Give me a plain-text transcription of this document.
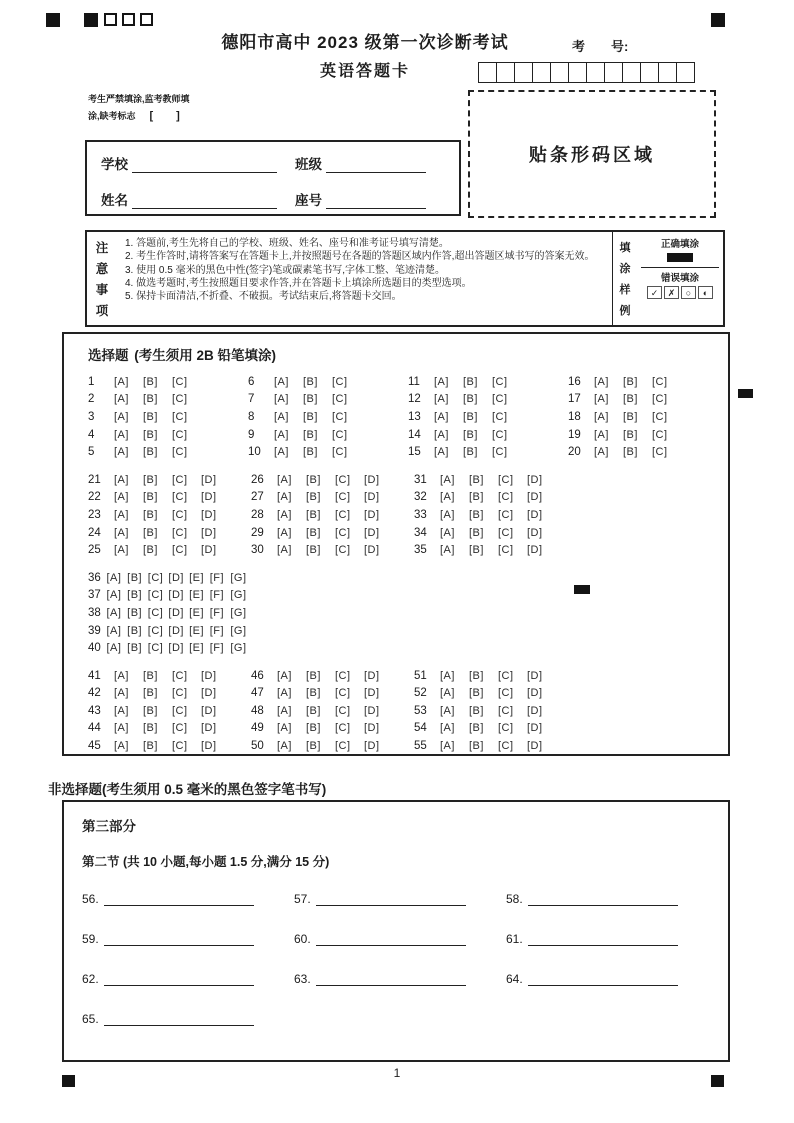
德阳市高中 2023 级第一次诊断考试
英语答题卡
考　　号:
考生严禁填涂,监考教师填
涂,缺考标志 [　]
学校	班级
姓名	座号
贴条形码区域
注
意
事
项
1. 答题前,考生先将自己的学校、班级、姓名、座号和准考证号填写清楚。
2. 考生作答时,请将答案写在答题卡上,并按照题号在各题的答题区域内作答,超出答题区域书写的答案无效。
3. 使用 0.5 毫米的黑色中性(签字)笔或碳素笔书写,字体工整、笔迹清楚。
4. 做选考题时,考生按照题目要求作答,并在答题卡上填涂所选题目的类型选项。
5. 保持卡面清洁,不折叠、不破损。考试结束后,将答题卡交回。
填
涂
样
例
正确填涂
错误填涂
✓	✗	○	◐
选择题 (考生须用 2B 铅笔填涂)
1	[A]	[B]	[C]
2	[A]	[B]	[C]
3	[A]	[B]	[C]
4	[A]	[B]	[C]
5	[A]	[B]	[C]
6	[A]	[B]	[C]
7	[A]	[B]	[C]
8	[A]	[B]	[C]
9	[A]	[B]	[C]
10	[A]	[B]	[C]
11	[A]	[B]	[C]
12	[A]	[B]	[C]
13	[A]	[B]	[C]
14	[A]	[B]	[C]
15	[A]	[B]	[C]
16	[A]	[B]	[C]
17	[A]	[B]	[C]
18	[A]	[B]	[C]
19	[A]	[B]	[C]
20	[A]	[B]	[C]
21	[A]	[B]	[C]	[D]
22	[A]	[B]	[C]	[D]
23	[A]	[B]	[C]	[D]
24	[A]	[B]	[C]	[D]
25	[A]	[B]	[C]	[D]
26	[A]	[B]	[C]	[D]
27	[A]	[B]	[C]	[D]
28	[A]	[B]	[C]	[D]
29	[A]	[B]	[C]	[D]
30	[A]	[B]	[C]	[D]
31	[A]	[B]	[C]	[D]
32	[A]	[B]	[C]	[D]
33	[A]	[B]	[C]	[D]
34	[A]	[B]	[C]	[D]
35	[A]	[B]	[C]	[D]
36 [A] [B] [C] [D] [E] [F] [G]
37 [A] [B] [C] [D] [E] [F] [G]
38 [A] [B] [C] [D] [E] [F] [G]
39 [A] [B] [C] [D] [E] [F] [G]
40 [A] [B] [C] [D] [E] [F] [G]
41	[A]	[B]	[C]	[D]
42	[A]	[B]	[C]	[D]
43	[A]	[B]	[C]	[D]
44	[A]	[B]	[C]	[D]
45	[A]	[B]	[C]	[D]
46	[A]	[B]	[C]	[D]
47	[A]	[B]	[C]	[D]
48	[A]	[B]	[C]	[D]
49	[A]	[B]	[C]	[D]
50	[A]	[B]	[C]	[D]
51	[A]	[B]	[C]	[D]
52	[A]	[B]	[C]	[D]
53	[A]	[B]	[C]	[D]
54	[A]	[B]	[C]	[D]
55	[A]	[B]	[C]	[D]
非选择题(考生须用 0.5 毫米的黑色签字笔书写)
第三部分
第二节 (共 10 小题,每小题 1.5 分,满分 15 分)
56.	57.	58.
59.	60.	61.
62.	63.	64.
65.
1
